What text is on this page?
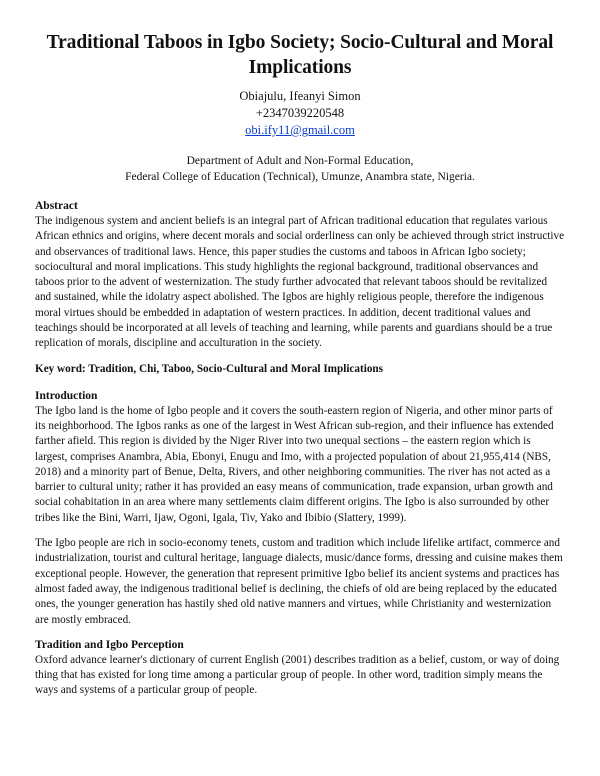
Traditional Taboos in Igbo Society; Socio-Cultural and Moral Implications
Obiajulu, Ifeanyi Simon
+2347039220548
obi.ify11@gmail.com
Department of Adult and Non-Formal Education,
Federal College of Education (Technical), Umunze, Anambra state, Nigeria.
Abstract

The indigenous system and ancient beliefs is an integral part of African traditional education that regulates various African ethnics and origins, where decent morals and social orderliness can only be achieved through strict instructive and observances of traditional laws. Hence, this paper studies the customs and taboos in African Igbo society; sociocultural and moral implications. This study highlights the regional background, traditional observances and taboos prior to the advent of westernization. The study further advocated that relevant taboos should be revitalized and sustained, while the idolatry aspect abolished. The Igbos are highly religious people, therefore the indigenous moral virtues should be embedded in adaptation of western practices. In addition, decent traditional values and teachings should be incorporated at all levels of teaching and learning, while parents and guardians should be a true replication of morals, discipline and acculturation in the society.

Key word: Tradition, Chi, Taboo, Socio-Cultural and Moral Implications
Introduction

The Igbo land is the home of Igbo people and it covers the south-eastern region of Nigeria, and other minor parts of its neighborhood. The Igbos ranks as one of the largest in West African sub-region, and their influence has extended farther afield. This region is divided by the Niger River into two unequal sections – the eastern region which is largest, comprises Anambra, Abia, Ebonyi, Enugu and Imo, with a projected population of about 21,955,414 (NBS, 2018) and a minority part of Benue, Delta, Rivers, and other neighboring communities. The river has not acted as a barrier to cultural unity; rather it has provided an easy means of communication, trade expansion, urban growth and social cohabitation in an area where many settlements claim different origins. The Igbo is also surrounded by other tribes like the Bini, Warri, Ijaw, Ogoni, Igala, Tiv, Yako and Ibibio (Slattery, 1999).

The Igbo people are rich in socio-economy tenets, custom and tradition which include lifelike artifact, commerce and industrialization, tourist and cultural heritage, language dialects, music/dance forms, dressing and cuisine makes them exceptional people. However, the generation that represent primitive Igbo belief its ancient systems and practices has almost faded away, the indigenous traditional belief is declining, the chiefs of old are being replaced by the educated ones, the younger generation has hastily shed old native manners and virtues, while Christianity and westernization are mostly embraced.

Tradition and Igbo Perception

Oxford advance learner's dictionary of current English (2001) describes tradition as a belief, custom, or way of doing thing that has existed for long time among a particular group of people. In other word, tradition simply means the ways and systems of a particular group of people.
